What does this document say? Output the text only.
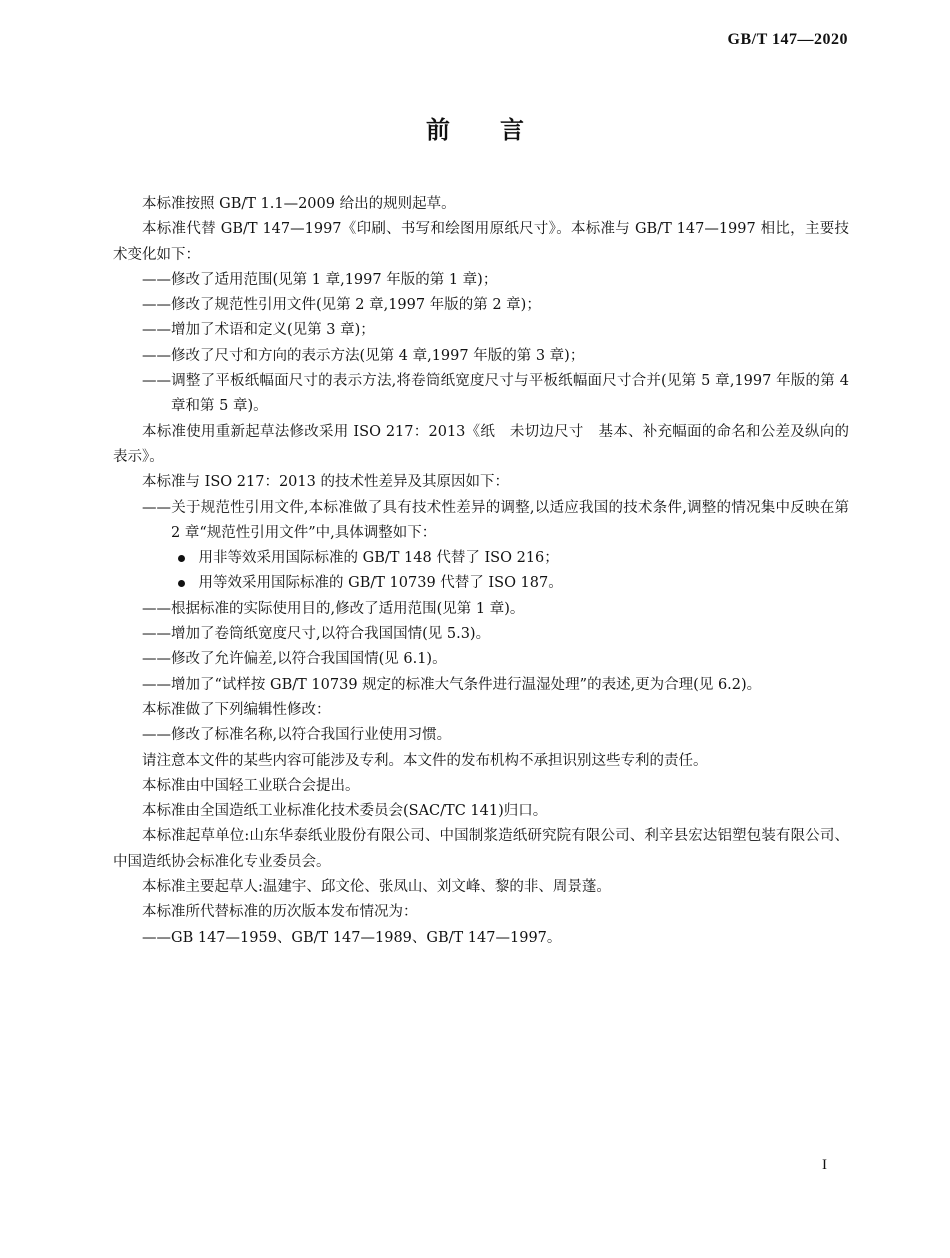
GB/T 147—2020
前言

本标准按照 GB/T 1.1—2009 给出的规则起草。

本标准代替 GB/T 147—1997《印刷、书写和绘图用原纸尺寸》。本标准与 GB/T 147—1997 相比，主要技术变化如下：

——修改了适用范围(见第 1 章,1997 年版的第 1 章)；

——修改了规范性引用文件(见第 2 章,1997 年版的第 2 章)；

——增加了术语和定义(见第 3 章)；

——修改了尺寸和方向的表示方法(见第 4 章,1997 年版的第 3 章)；

——调整了平板纸幅面尺寸的表示方法,将卷筒纸宽度尺寸与平板纸幅面尺寸合并(见第 5 章,1997 年版的第 4 章和第 5 章)。

本标准使用重新起草法修改采用 ISO 217：2013《纸　未切边尺寸　基本、补充幅面的命名和公差及纵向的表示》。

本标准与 ISO 217：2013 的技术性差异及其原因如下：

——关于规范性引用文件,本标准做了具有技术性差异的调整,以适应我国的技术条件,调整的情况集中反映在第 2 章“规范性引用文件”中,具体调整如下：

用非等效采用国际标准的 GB/T 148 代替了 ISO 216；

用等效采用国际标准的 GB/T 10739 代替了 ISO 187。

——根据标准的实际使用目的,修改了适用范围(见第 1 章)。

——增加了卷筒纸宽度尺寸,以符合我国国情(见 5.3)。

——修改了允许偏差,以符合我国国情(见 6.1)。

——增加了“试样按 GB/T 10739 规定的标准大气条件进行温湿处理”的表述,更为合理(见 6.2)。

本标准做了下列编辑性修改：

——修改了标准名称,以符合我国行业使用习惯。

请注意本文件的某些内容可能涉及专利。本文件的发布机构不承担识别这些专利的责任。

本标准由中国轻工业联合会提出。

本标准由全国造纸工业标准化技术委员会(SAC/TC 141)归口。

本标准起草单位:山东华泰纸业股份有限公司、中国制浆造纸研究院有限公司、利辛县宏达铝塑包装有限公司、中国造纸协会标准化专业委员会。

本标准主要起草人:温建宇、邱文伦、张凤山、刘文峰、黎的非、周景蓬。

本标准所代替标准的历次版本发布情况为：

——GB 147—1959、GB/T 147—1989、GB/T 147—1997。

I
